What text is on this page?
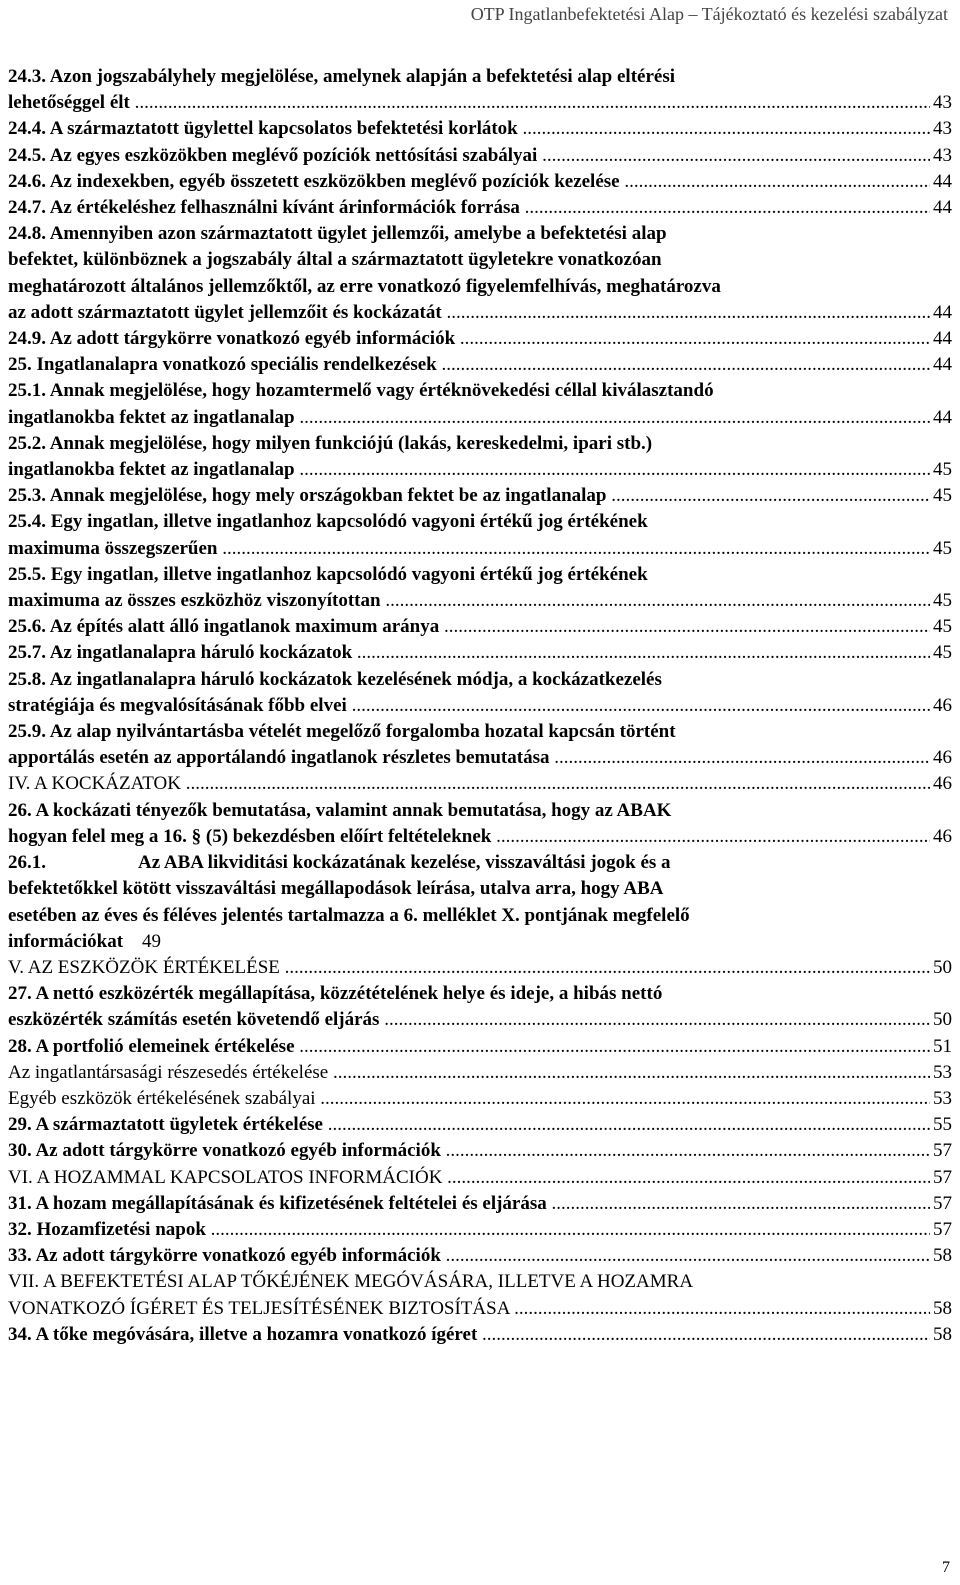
OTP Ingatlanbefektetési Alap – Tájékoztató és kezelési szabályzat
24.3. Azon jogszabályhely megjelölése, amelynek alapján a befektetési alap eltérési
lehetőséggel élt .....	43
24.4. A származtatott ügylettel kapcsolatos befektetési korlátok .....	43
24.5. Az egyes eszközökben meglévő pozíciók nettósítási szabályai .....	43
24.6. Az indexekben, egyéb összetett eszközökben meglévő pozíciók kezelése .....	44
24.7. Az értékeléshez felhasználni kívánt árinformációk forrása .....	44
24.8. Amennyiben azon származtatott ügylet jellemzői, amelybe a befektetési alap
befektet, különböznek a jogszabály által a származtatott ügyletekre vonatkozóan
meghatározott általános jellemzőktől, az erre vonatkozó figyelemfelhívás, meghatározva
az adott származtatott ügylet jellemzőit és kockázatát .....	44
24.9. Az adott tárgykörre vonatkozó egyéb információk .....	44
25. Ingatlanalapra vonatkozó speciális rendelkezések .....	44
25.1. Annak megjelölése, hogy hozamtermelő vagy értéknövekedési céllal kiválasztandó
ingatlanokba fektet az ingatlanalap .....	44
25.2. Annak megjelölése, hogy milyen funkciójú (lakás, kereskedelmi, ipari stb.)
ingatlanokba fektet az ingatlanalap .....	45
25.3. Annak megjelölése, hogy mely országokban fektet be az ingatlanalap .....	45
25.4. Egy ingatlan, illetve ingatlanhoz kapcsolódó vagyoni értékű jog értékének
maximuma összegszerűen .....	45
25.5. Egy ingatlan, illetve ingatlanhoz kapcsolódó vagyoni értékű jog értékének
maximuma az összes eszközhöz viszonyítottan .....	45
25.6. Az építés alatt álló ingatlanok maximum aránya .....	45
25.7. Az ingatlanalapra háruló kockázatok .....	45
25.8. Az ingatlanalapra háruló kockázatok kezelésének módja, a kockázatkezelés
stratégiája és megvalósításának főbb elvei .....	46
25.9. Az alap nyilvántartásba vételét megelőző forgalomba hozatal kapcsán történt
apportálás esetén az apportálandó ingatlanok részletes bemutatása .....	46
IV. A KOCKÁZATOK .....	46
26. A kockázati tényezők bemutatása, valamint annak bemutatása, hogy az ABAK
hogyan felel meg a 16. § (5) bekezdésben előírt feltételeknek .....	46
26.1.	Az ABA likviditási kockázatának kezelése, visszaváltási jogok és a
befektetőkkel kötött visszaváltási megállapodások leírása, utalva arra, hogy ABA
esetében az éves és féléves jelentés tartalmazza a 6. melléklet X. pontjának megfelelő
információkat 49
V. AZ ESZKÖZÖK ÉRTÉKELÉSE .....	50
27. A nettó eszközérték megállapítása, közzétételének helye és ideje, a hibás nettó
eszközérték számítás esetén követendő eljárás .....	50
28. A portfolió elemeinek értékelése .....	51
Az ingatlantársasági részesedés értékelése .....	53
Egyéb eszközök értékelésének szabályai .....	53
29. A származtatott ügyletek értékelése .....	55
30. Az adott tárgykörre vonatkozó egyéb információk .....	57
VI. A HOZAMMAL KAPCSOLATOS INFORMÁCIÓK .....	57
31. A hozam megállapításának és kifizetésének feltételei és eljárása .....	57
32. Hozamfizetési napok .....	57
33. Az adott tárgykörre vonatkozó egyéb információk .....	58
VII. A BEFEKTETÉSI ALAP TŐKÉJÉNEK MEGÓVÁSÁRA, ILLETVE A HOZAMRA
VONATKOZÓ ÍGÉRET ÉS TELJESÍTÉSÉNEK BIZTOSÍTÁSA .....	58
34. A tőke megóvására, illetve a hozamra vonatkozó ígéret .....	58
7
